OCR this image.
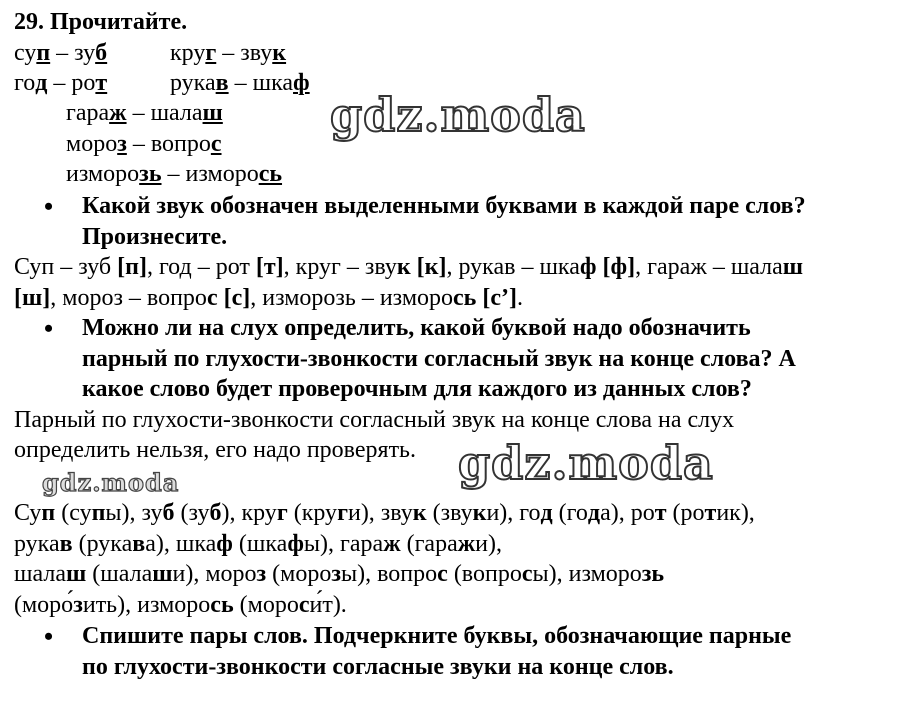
29. Прочитайте.
суп – зуб	круг – звук
год – рот	рукав – шкаф
гараж – шалаш
мороз – вопрос
изморозь – изморось
• Какой звук обозначен выделенными буквами в каждой паре слов?
Произнесите.
Суп – зуб [п], год – рот [т], круг – звук [к], рукав – шкаф [ф], гараж – шалаш
[ш], мороз – вопрос [с], изморозь – изморось [с’].
• Можно ли на слух определить, какой буквой надо обозначить
парный по глухости-звонкости согласный звук на конце слова? А
какое слово будет проверочным для каждого из данных слов?
Парный по глухости-звонкости согласный звук на конце слова на слух
определить нельзя, его надо проверять.
Суп (супы), зуб (зуб), круг (круги), звук (звуки), год (года), рот (ротик),
рукав (рукава), шкаф (шкафы), гараж (гаражи),
шалаш (шалаши), мороз (морозы), вопрос (вопросы), изморозь
(моро́зить), изморось (мороси́т).
• Спишите пары слов. Подчеркните буквы, обозначающие парные
по глухости-звонкости согласные звуки на конце слов.
gdz.moda
gdz.moda
gdz.moda
